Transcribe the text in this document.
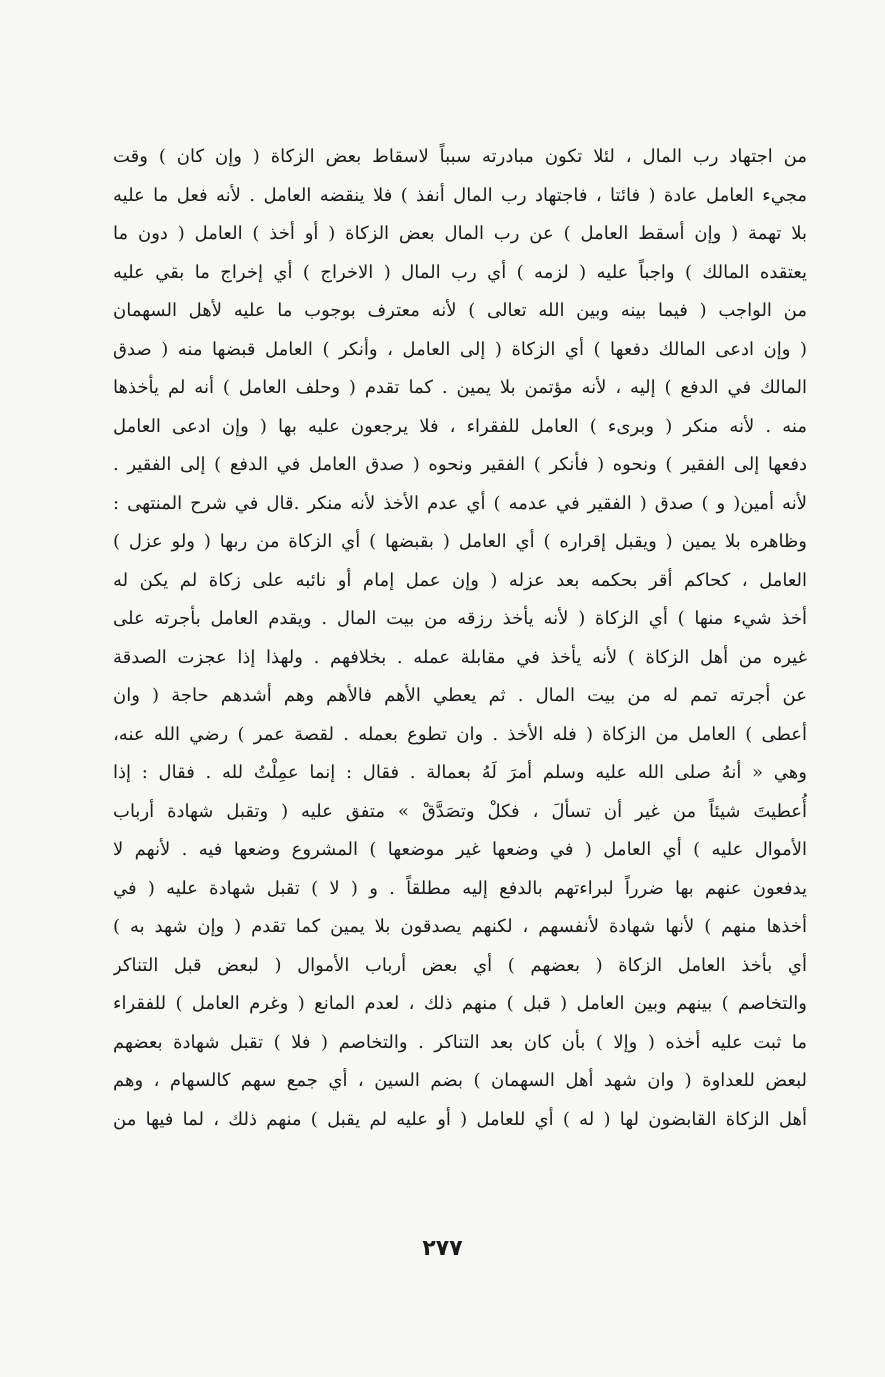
من اجتهاد رب المال ، لئلا تكون مبادرته سبباً لاسقاط بعض الزكاة ( وإن كان ) وقت
مجيء العامل عادة ( فائتا ، فاجتهاد رب المال أنفذ ) فلا ينقضه العامل . لأنه فعل ما عليه
بلا تهمة ( وإن أسقط العامل ) عن رب المال بعض الزكاة ( أو أخذ ) العامل ( دون ما
يعتقده المالك ) واجباً عليه ( لزمه ) أي رب المال ( الاخراج ) أي إخراج ما بقي عليه
من الواجب ( فيما بينه وبين الله تعالى ) لأنه معترف بوجوب ما عليه لأهل السهمان
( وإن ادعى المالك دفعها ) أي الزكاة ( إلى العامل ، وأنكر ) العامل قبضها منه ( صدق
المالك في الدفع ) إليه ، لأنه مؤتمن بلا يمين . كما تقدم ( وحلف العامل ) أنه لم يأخذها
منه . لأنه منكر ( وبرىء ) العامل للفقراء ، فلا يرجعون عليه بها ( وإن ادعى العامل
دفعها إلى الفقير ) ونحوه ( فأنكر ) الفقير ونحوه ( صدق العامل في الدفع ) إلى الفقير .
لأنه أمين( و ) صدق ( الفقير في عدمه ) أي عدم الأخذ لأنه منكر .قال في شرح المنتهى :
وظاهره بلا يمين ( ويقبل إقراره ) أي العامل ( بقبضها ) أي الزكاة من ربها ( ولو عزل )
العامل ، كحاكم أقر بحكمه بعد عزله ( وإن عمل إمام أو نائبه على زكاة لم يكن له
أخذ شيء منها ) أي الزكاة ( لأنه يأخذ رزقه من بيت المال . ويقدم العامل بأجرته على
غيره من أهل الزكاة ) لأنه يأخذ في مقابلة عمله . بخلافهم . ولهذا إذا عجزت الصدقة
عن أجرته تمم له من بيت المال . ثم يعطي الأهم فالأهم وهم أشدهم حاجة ( وان
أعطى ) العامل من الزكاة ( فله الأخذ . وان تطوع بعمله . لقصة عمر ) رضي الله عنه،
وهي « أنهُ صلى الله عليه وسلم أمرَ لَهُ بعمالة . فقال : إنما عمِلْتُ لله . فقال : إذا
أُعطيتَ شيئاً من غير أن تسألَ ، فكلْ وتصَدَّقْ » متفق عليه ( وتقبل شهادة أرباب
الأموال عليه ) أي العامل ( في وضعها غير موضعها ) المشروع وضعها فيه . لأنهم لا
يدفعون عنهم بها ضرراً لبراءتهم بالدفع إليه مطلقاً . و ( لا ) تقبل شهادة عليه ( في
أخذها منهم ) لأنها شهادة لأنفسهم ، لكنهم يصدقون بلا يمين كما تقدم ( وإن شهد به )
أي بأخذ العامل الزكاة ( بعضهم ) أي بعض أرباب الأموال ( لبعض قبل التناكر
والتخاصم ) بينهم وبين العامل ( قبل ) منهم ذلك ، لعدم المانع ( وغرم العامل ) للفقراء
ما ثبت عليه أخذه ( وإلا ) بأن كان بعد التناكر . والتخاصم ( فلا ) تقبل شهادة بعضهم
لبعض للعداوة ( وان شهد أهل السهمان ) بضم السين ، أي جمع سهم كالسهام ، وهم
أهل الزكاة القابضون لها ( له ) أي للعامل ( أو عليه لم يقبل ) منهم ذلك ، لما فيها من
٢٧٧
